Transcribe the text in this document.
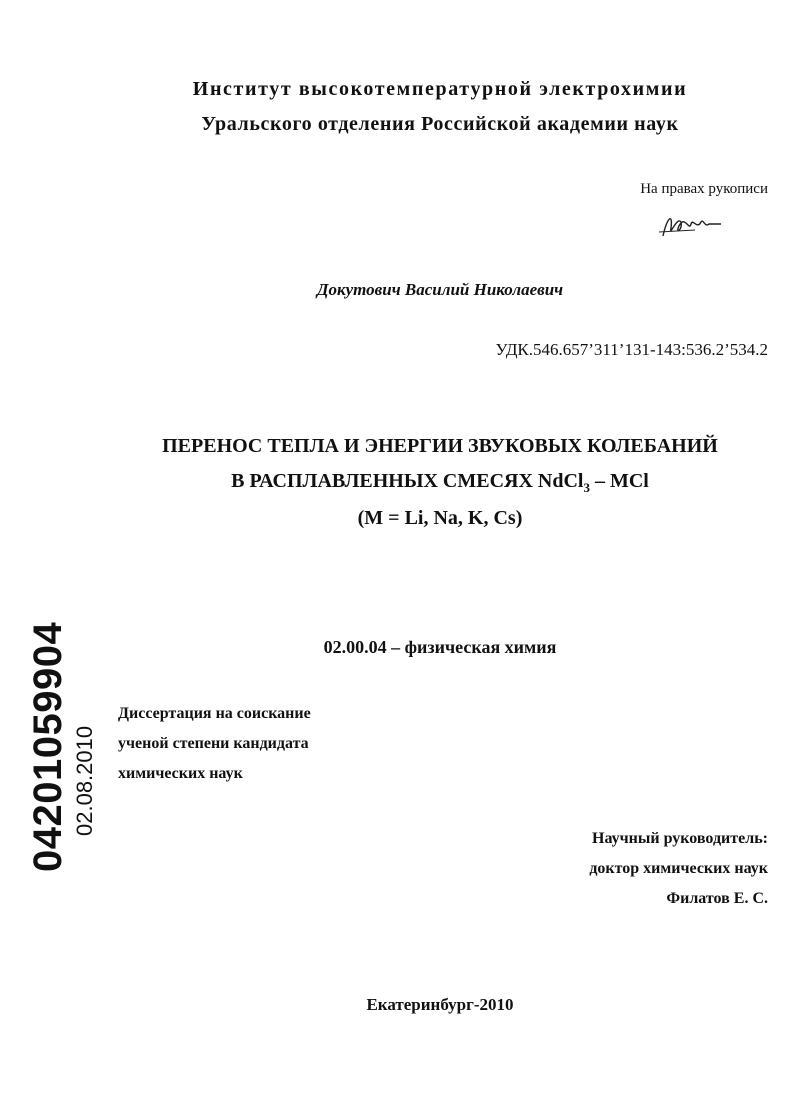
Институт высокотемпературной электрохимии
Уральского отделения Российской академии наук
На правах рукописи
Докутович Василий Николаевич
УДК.546.657’311’131-143:536.2’534.2
ПЕРЕНОС ТЕПЛА И ЭНЕРГИИ ЗВУКОВЫХ КОЛЕБАНИЙ
В РАСПЛАВЛЕННЫХ СМЕСЯХ NdCl$_3$ – MCl
(M = Li, Na, K, Cs)
02.00.04 – физическая химия
Диссертация на соискание
ученой степени кандидата
химических наук
Научный руководитель:
доктор химических наук
Филатов Е. С.
Екатеринбург-2010
04201059904 02.08.2010
